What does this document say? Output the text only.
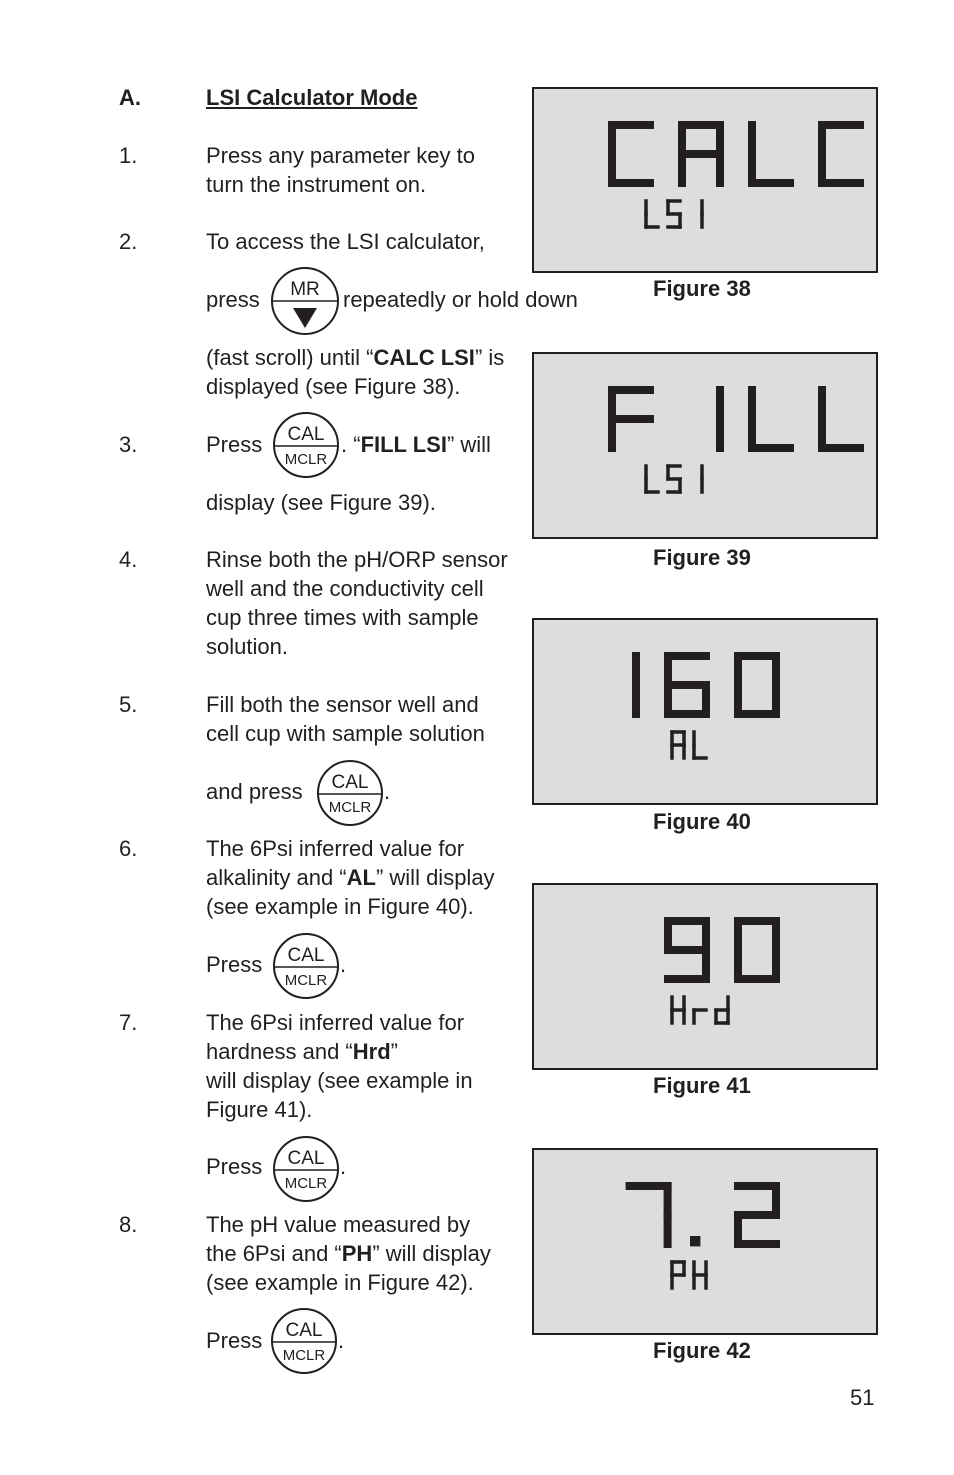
A.	LSI Calculator Mode
1.	Press any parameter key to
turn the instrument on.
2.	To access the LSI calculator,
press MR repeatedly or hold down
(fast scroll) until “CALC LSI” is
displayed (see Figure 38).
3.	Press CAL
MCLR
. “FILL LSI” will
display (see Figure 39).
4.	Rinse both the pH/ORP sensor
well and the conductivity cell
cup three times with sample
solution.
5.	Fill both the sensor well and
cell cup with sample solution
and press CAL
MCLR
.
6.	The 6Psi inferred value for
alkalinity and “AL” will display
(see example in Figure 40).
Press CAL
MCLR
.
7.	The 6Psi inferred value for
hardness and “Hrd”
will display (see example in
Figure 41).
Press CAL
MCLR
.
8.	The pH value measured by
the 6Psi and “PH” will display
(see example in Figure 42).
Press CAL
MCLR
.
Figure 38
Figure 39
Figure 40
Figure 41
Figure 42
51
